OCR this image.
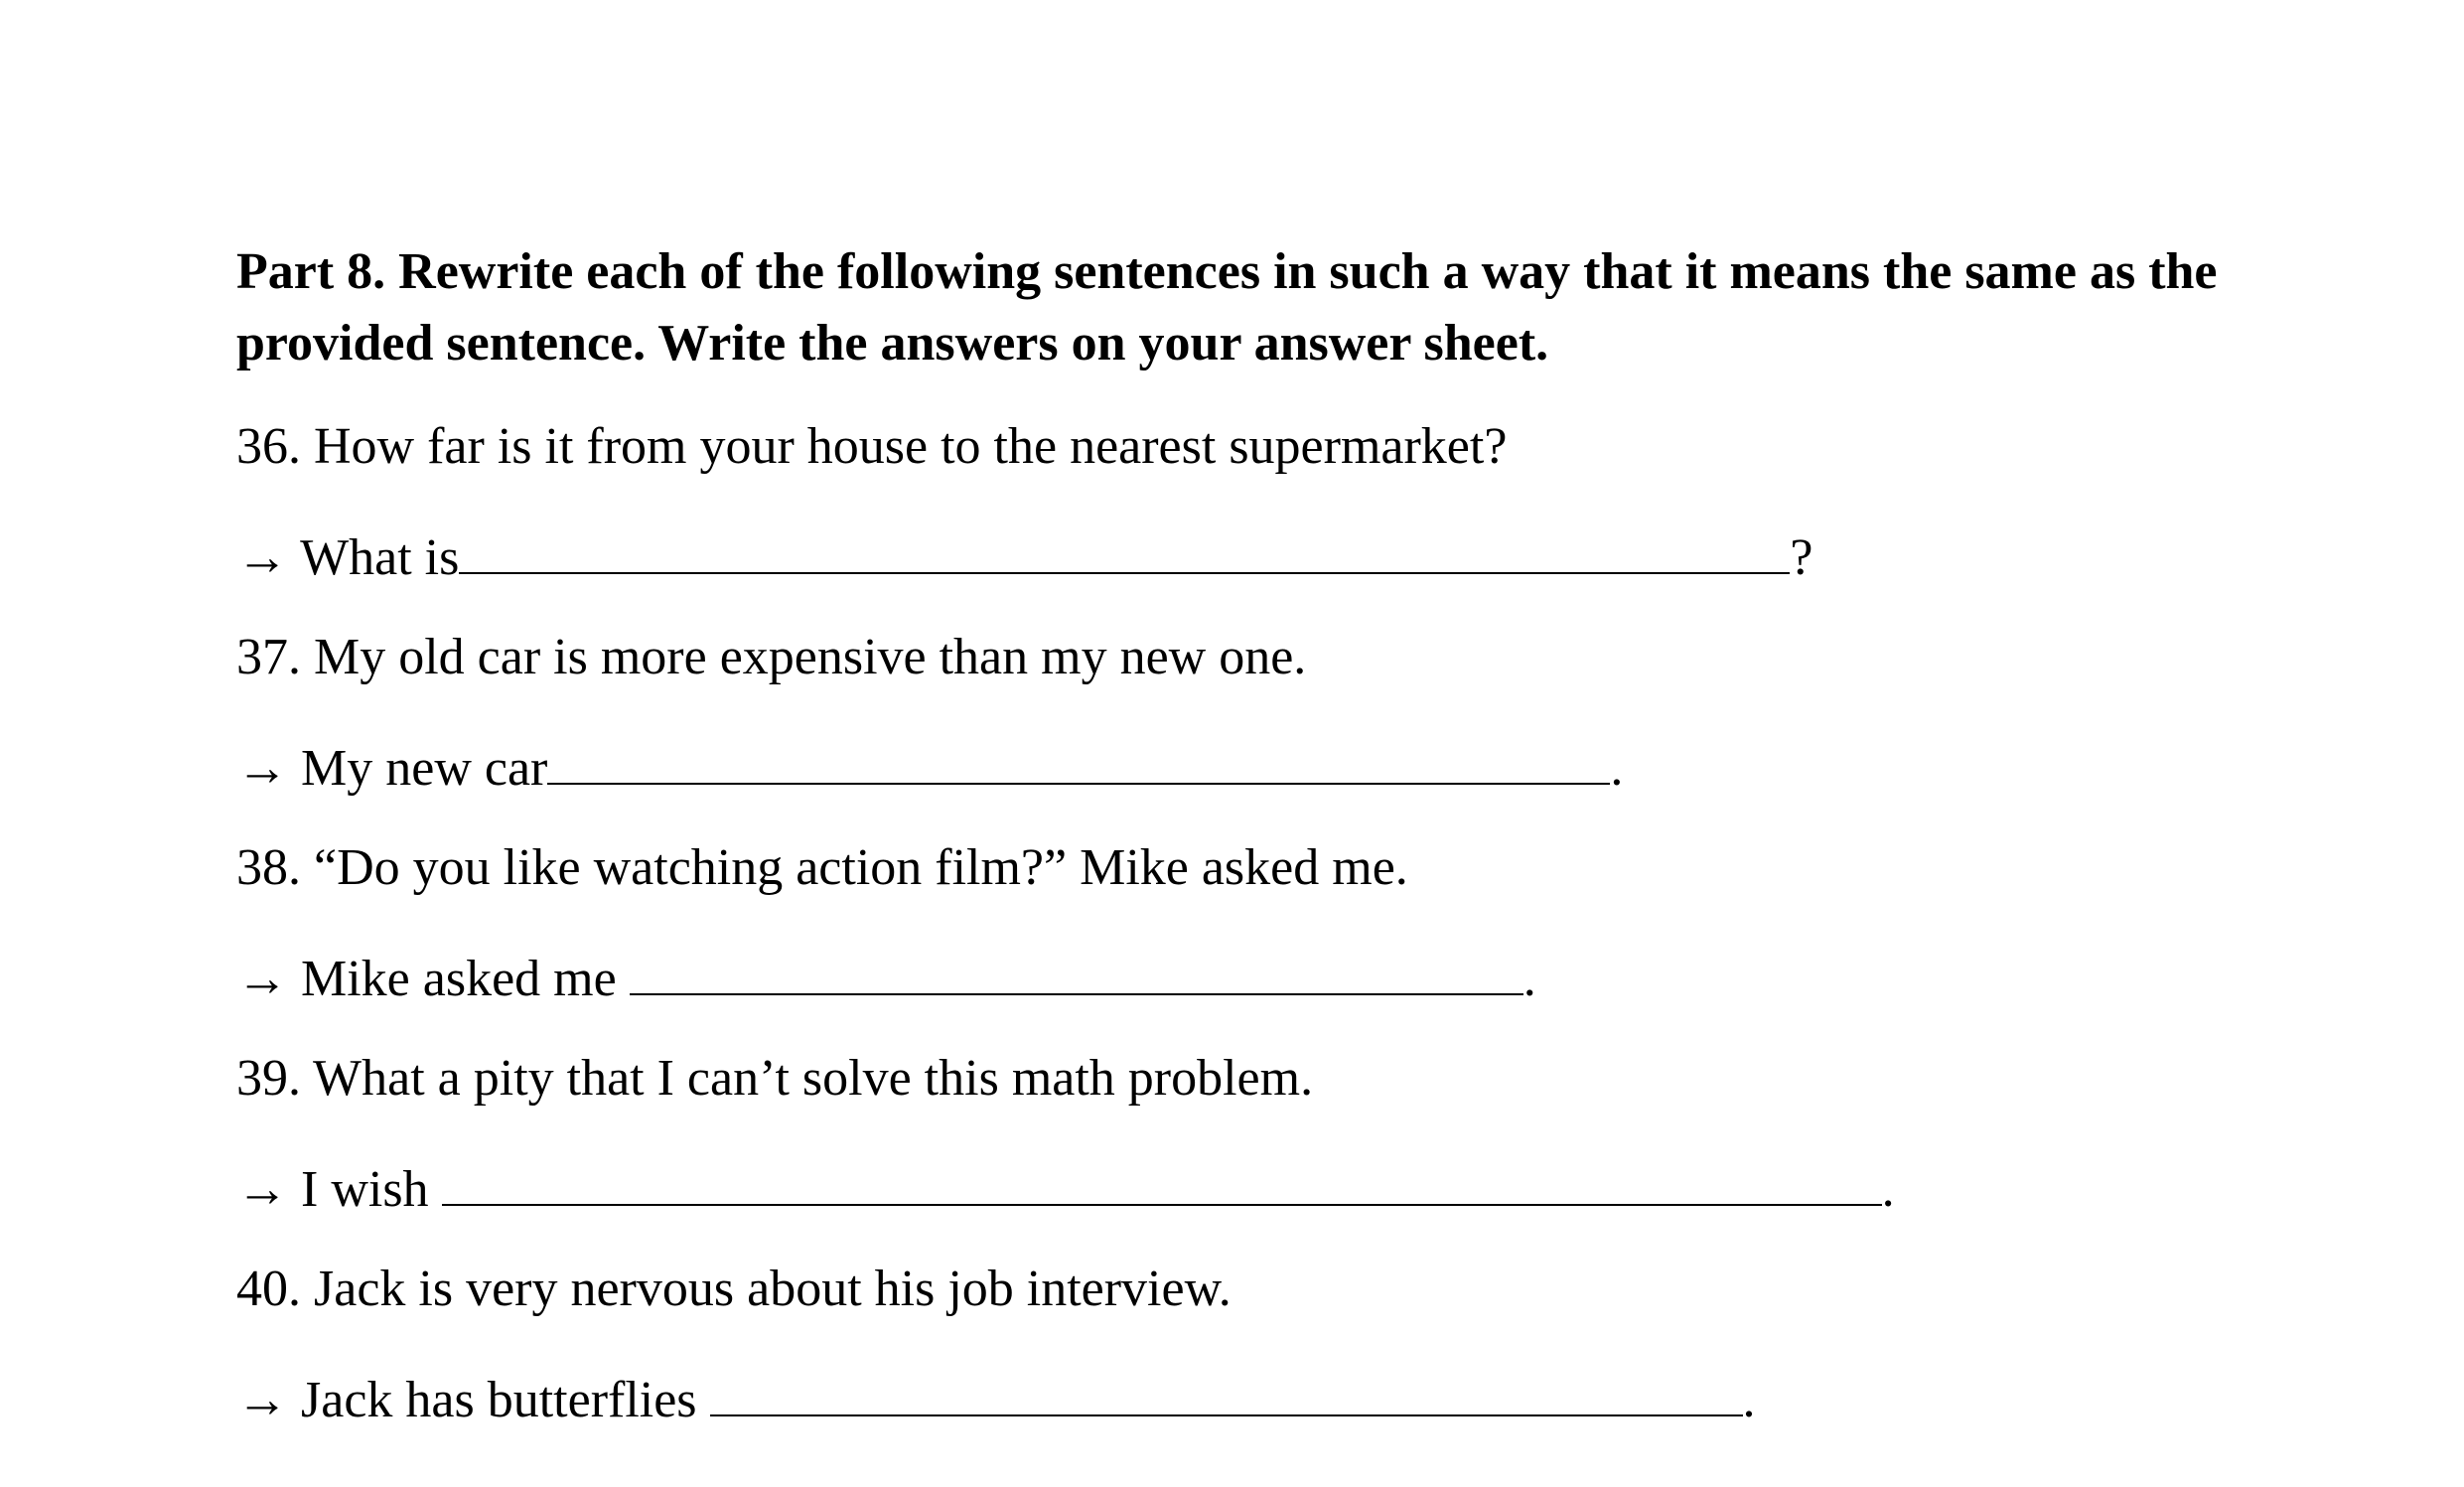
Part 8. Rewrite each of the following sentences in such a way that it means the same as the provided sentence. Write the answers on your answer sheet.

36. How far is it from your house to the nearest supermarket?

→ What is	?

37. My old car is more expensive than my new one.

→ My new car	.

38. “Do you like watching action film?” Mike asked me.

→ Mike asked me	.

39. What a pity that I can’t solve this math problem.

→ I wish	.

40. Jack is very nervous about his job interview.

→ Jack has butterflies	.
